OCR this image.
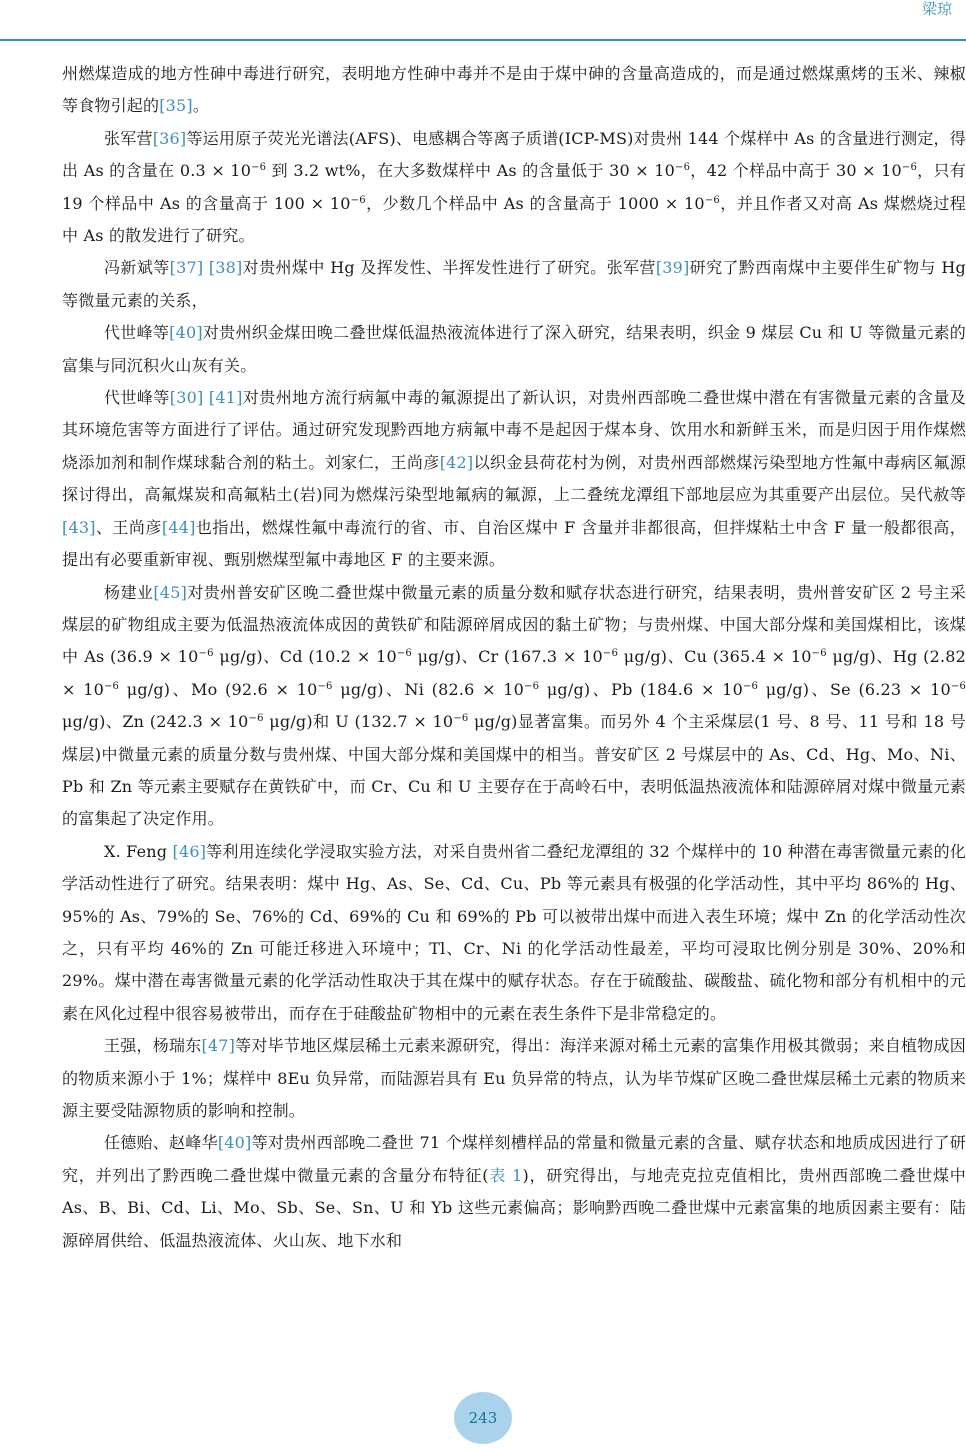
梁琼

州燃煤造成的地方性砷中毒进行研究，表明地方性砷中毒并不是由于煤中砷的含量高造成的，而是通过燃煤熏烤的玉米、辣椒等食物引起的[35]。

张军营[36]等运用原子荧光光谱法(AFS)、电感耦合等离子质谱(ICP-MS)对贵州 144 个煤样中 As 的含量进行测定，得出 As 的含量在 $0.3 \times 10^{-6}$ 到 3.2 wt%，在大多数煤样中 As 的含量低于 $30 \times 10^{-6}$，42 个样品中高于 $30 \times 10^{-6}$，只有 19 个样品中 As 的含量高于 $100 \times 10^{-6}$，少数几个样品中 As 的含量高于 $1000 \times 10^{-6}$，并且作者又对高 As 煤燃烧过程中 As 的散发进行了研究。

冯新斌等[37] [38]对贵州煤中 Hg 及挥发性、半挥发性进行了研究。张军营[39]研究了黔西南煤中主要伴生矿物与 Hg 等微量元素的关系，

代世峰等[40]对贵州织金煤田晚二叠世煤低温热液流体进行了深入研究，结果表明，织金 9 煤层 Cu 和 U 等微量元素的富集与同沉积火山灰有关。

代世峰等[30] [41]对贵州地方流行病氟中毒的氟源提出了新认识，对贵州西部晚二叠世煤中潜在有害微量元素的含量及其环境危害等方面进行了评估。通过研究发现黔西地方病氟中毒不是起因于煤本身、饮用水和新鲜玉米，而是归因于用作煤燃烧添加剂和制作煤球黏合剂的粘土。刘家仁，王尚彦[42]以织金县荷花村为例，对贵州西部燃煤污染型地方性氟中毒病区氟源探讨得出，高氟煤炭和高氟粘土(岩)同为燃煤污染型地氟病的氟源，上二叠统龙潭组下部地层应为其重要产出层位。吴代赦等[43]、王尚彦[44]也指出，燃煤性氟中毒流行的省、市、自治区煤中 F 含量并非都很高，但拌煤粘土中含 F 量一般都很高，提出有必要重新审视、甄别燃煤型氟中毒地区 F 的主要来源。

杨建业[45]对贵州普安矿区晚二叠世煤中微量元素的质量分数和赋存状态进行研究，结果表明，贵州普安矿区 2 号主采煤层的矿物组成主要为低温热液流体成因的黄铁矿和陆源碎屑成因的黏土矿物；与贵州煤、中国大部分煤和美国煤相比，该煤中 As ($36.9 \times 10^{-6}$ μg/g)、Cd ($10.2 \times 10^{-6}$ μg/g)、Cr ($167.3 \times 10^{-6}$ μg/g)、Cu ($365.4 \times 10^{-6}$ μg/g)、Hg ($2.82 \times 10^{-6}$ μg/g)、Mo ($92.6 \times 10^{-6}$ μg/g)、Ni ($82.6 \times 10^{-6}$ μg/g)、Pb ($184.6 \times 10^{-6}$ μg/g)、Se ($6.23 \times 10^{-6}$ μg/g)、Zn ($242.3 \times 10^{-6}$ μg/g)和 U ($132.7 \times 10^{-6}$ μg/g)显著富集。而另外 4 个主采煤层(1 号、8 号、11 号和 18 号煤层)中微量元素的质量分数与贵州煤、中国大部分煤和美国煤中的相当。普安矿区 2 号煤层中的 As、Cd、Hg、Mo、Ni、Pb 和 Zn 等元素主要赋存在黄铁矿中，而 Cr、Cu 和 U 主要存在于高岭石中，表明低温热液流体和陆源碎屑对煤中微量元素的富集起了决定作用。

X. Feng [46]等利用连续化学浸取实验方法，对采自贵州省二叠纪龙潭组的 32 个煤样中的 10 种潜在毒害微量元素的化学活动性进行了研究。结果表明：煤中 Hg、As、Se、Cd、Cu、Pb 等元素具有极强的化学活动性，其中平均 86%的 Hg、95%的 As、79%的 Se、76%的 Cd、69%的 Cu 和 69%的 Pb 可以被带出煤中而进入表生环境；煤中 Zn 的化学活动性次之，只有平均 46%的 Zn 可能迁移进入环境中；Tl、Cr、Ni 的化学活动性最差，平均可浸取比例分别是 30%、20%和 29%。煤中潜在毒害微量元素的化学活动性取决于其在煤中的赋存状态。存在于硫酸盐、碳酸盐、硫化物和部分有机相中的元素在风化过程中很容易被带出，而存在于硅酸盐矿物相中的元素在表生条件下是非常稳定的。

王强，杨瑞东[47]等对毕节地区煤层稀土元素来源研究，得出：海洋来源对稀土元素的富集作用极其微弱；来自植物成因的物质来源小于 1%；煤样中 8Eu 负异常，而陆源岩具有 Eu 负异常的特点，认为毕节煤矿区晚二叠世煤层稀土元素的物质来源主要受陆源物质的影响和控制。

任德贻、赵峰华[40]等对贵州西部晚二叠世 71 个煤样刻槽样品的常量和微量元素的含量、赋存状态和地质成因进行了研究，并列出了黔西晚二叠世煤中微量元素的含量分布特征(表 1)，研究得出，与地壳克拉克值相比，贵州西部晚二叠世煤中 As、B、Bi、Cd、Li、Mo、Sb、Se、Sn、U 和 Yb 这些元素偏高；影响黔西晚二叠世煤中元素富集的地质因素主要有：陆源碎屑供给、低温热液流体、火山灰、地下水和

243
